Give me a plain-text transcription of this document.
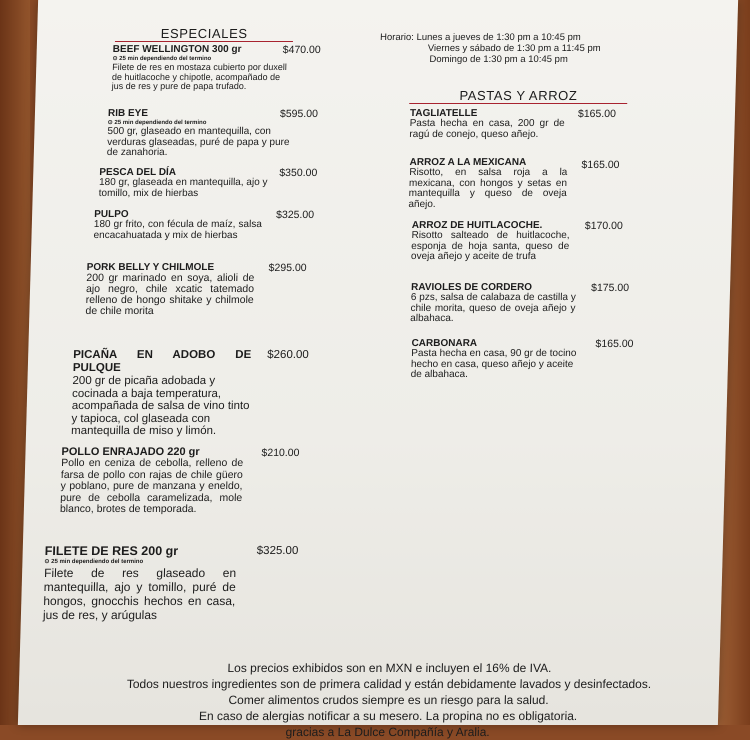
ESPECIALES
BEEF WELLINGTON 300 gr
⊙ 25 min dependiendo del termino
Filete de res en mostaza cubierto por duxell de huitlacoche y chipotle, acompañado de jus de res y pure de papa trufado.
$470.00
RIB EYE
⊙ 25 min dependiendo del termino
500 gr, glaseado en mantequilla, con verduras glaseadas, puré de papa y pure de zanahoria.
$595.00
PESCA DEL DÍA
180 gr, glaseada en mantequilla, ajo y tomillo, mix de hierbas
$350.00
PULPO
180 gr frito, con fécula de maíz, salsa encacahuatada y mix de hierbas
$325.00
PORK BELLY Y CHILMOLE
200 gr marinado en soya, alioli de ajo negro, chile xcatic tatemado relleno de hongo shitake y chilmole de chile morita
$295.00
PICAÑA EN ADOBO DE PULQUE
200 gr de picaña adobada y cocinada a baja temperatura, acompañada de salsa de vino tinto y tapioca, col glaseada con mantequilla de miso y limón.
$260.00
POLLO ENRAJADO 220 gr
Pollo en ceniza de cebolla, relleno de farsa de pollo con rajas de chile güero y poblano, pure de manzana y eneldo, pure de cebolla caramelizada, mole blanco, brotes de temporada.
$210.00
FILETE DE RES 200 gr
⊙ 25 min dependiendo del termino
Filete de res glaseado en mantequilla, ajo y tomillo, puré de hongos, gnocchis hechos en casa, jus de res, y arúgulas
$325.00
Horario: Lunes a jueves de 1:30 pm a 10:45 pm
Viernes y sábado de 1:30 pm a 11:45 pm
Domingo de 1:30 pm a 10:45 pm
PASTAS Y ARROZ
TAGLIATELLE
Pasta hecha en casa, 200 gr de ragú de conejo, queso añejo.
$165.00
ARROZ A LA MEXICANA
Risotto, en salsa roja a la mexicana, con hongos y setas en mantequilla y queso de oveja añejo.
$165.00
ARROZ DE HUITLACOCHE.
Risotto salteado de huitlacoche, esponja de hoja santa, queso de oveja añejo y aceite de trufa
$170.00
RAVIOLES DE CORDERO
6 pzs, salsa de calabaza de castilla y chile morita, queso de oveja añejo y albahaca.
$175.00
CARBONARA
Pasta hecha en casa, 90 gr de tocino hecho en casa, queso añejo y aceite de albahaca.
$165.00
Los precios exhibidos son en MXN e incluyen el 16% de IVA.
Todos nuestros ingredientes son de primera calidad y están debidamente lavados y desinfectados.
Comer alimentos crudos siempre es un riesgo para la salud.
En caso de alergias notificar a su mesero. La propina no es obligatoria.
gracias a La Dulce Compañía y Aralia.
